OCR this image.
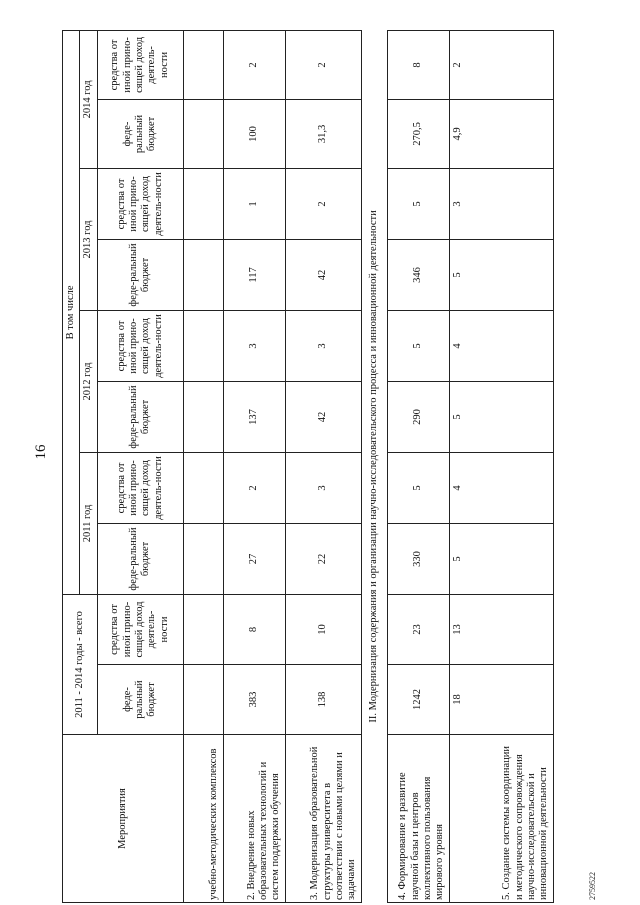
16
Мероприятия	2011 - 2014 годы - всего		В том числе							
			2011 год		2012 год		2013 год		2014 год	
	феде-ральный бюджет	средства от иной прино-сящей доход деятель-ности	феде-ральный бюджет	средства от иной прино-сящей доход деятель-ности	феде-ральный бюджет	средства от иной прино-сящей доход деятель-ности	феде-ральный бюджет	средства от иной прино-сящей доход деятель-ности	феде-ральный бюджет	средства от иной прино-сящей доход деятель-ности
учебно-методических комплексов										
2. Внедрение новых образовательных технологий и систем поддержки обучения	383	8	27	2	137	3	117	1	100	2
3. Модернизация образовательной структуры университета в соответствии с новыми целями и задачами	138	10	22	3	42	3	42	2	31,3	2
II. Модернизация содержания и организации научно-исследовательского процесса и инновационной деятельности										
4. Формирование и развитие научной базы и центров коллективного пользования мирового уровня	1242	23	330	5	290	5	346	5	270,5	8
5. Создание системы координации и методического сопровождения научно-исследовательской и инновационной деятельности	18	13	5	4	5	4	5	3	4,9	2
2759522
